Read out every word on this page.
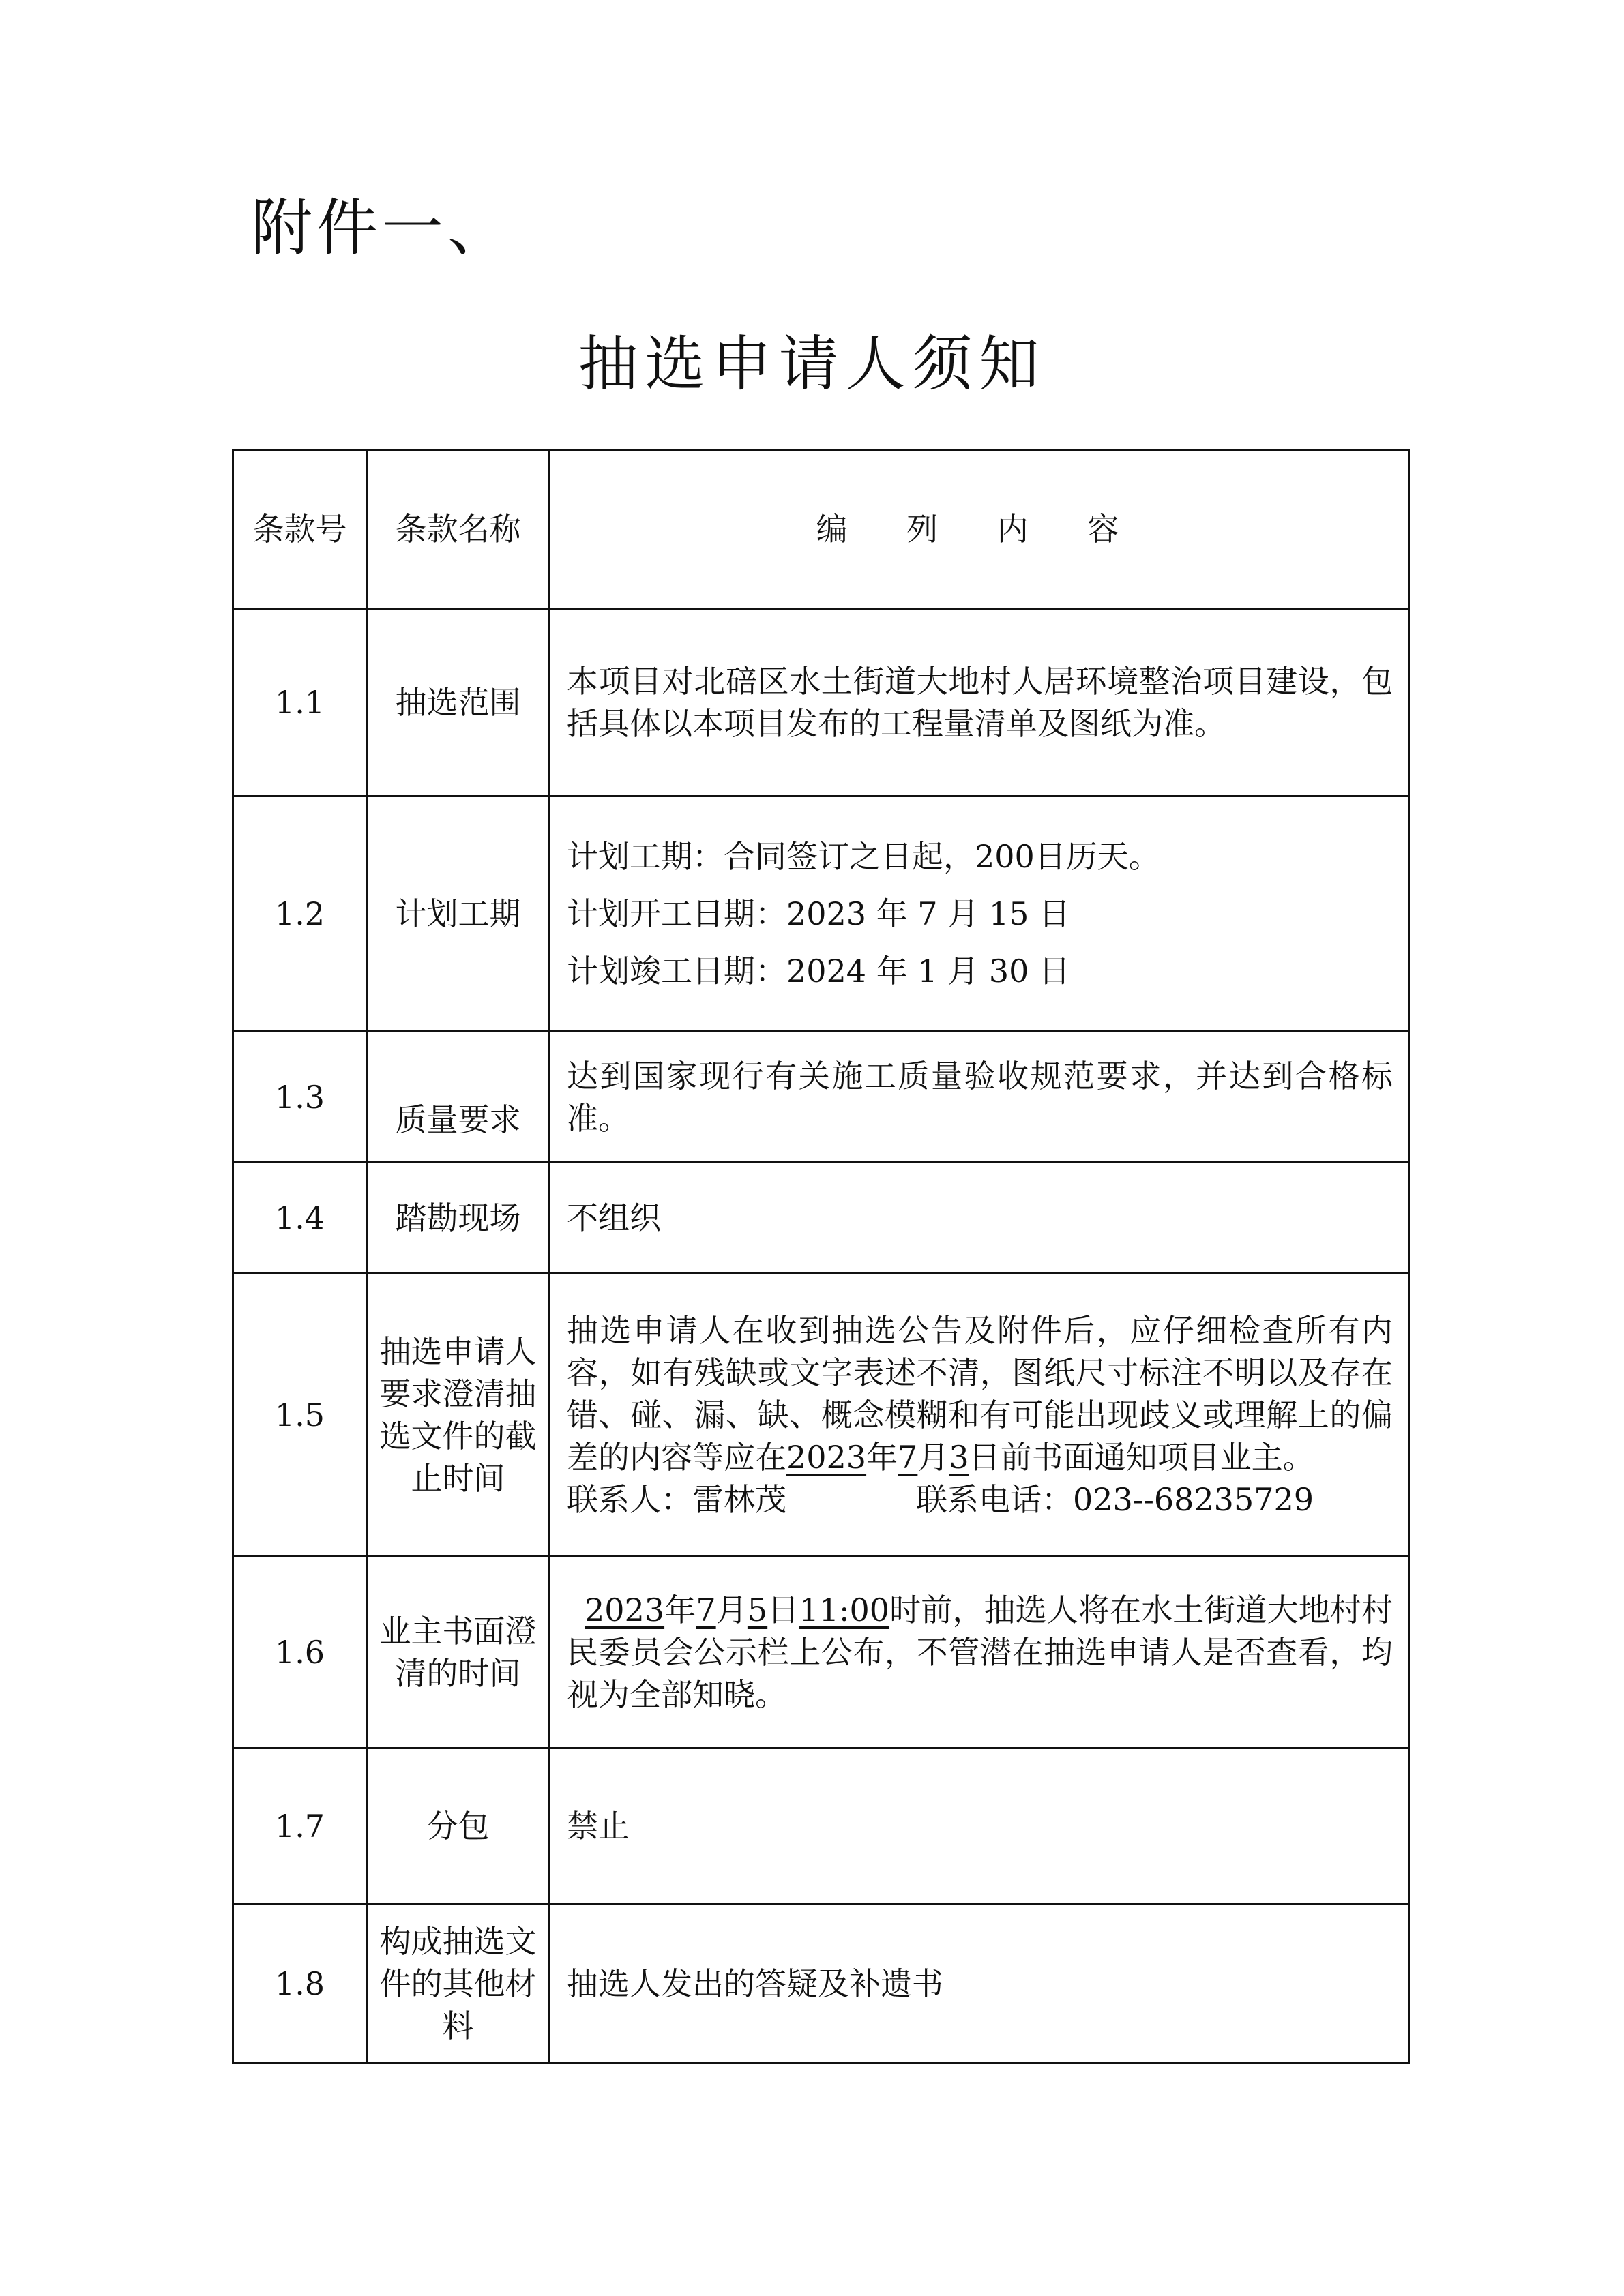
附件一、
抽选申请人须知
条款号	条款名称	编 列 内 容
1.1	抽选范围	本项目对北碚区水土街道大地村人居环境整治项目建设，包括具体以本项目发布的工程量清单及图纸为准。

1.2	计划工期	计划工期：合同签订之日起，200日历天。

计划开工日期：2023 年 7 月 15 日

计划竣工日期：2024 年 1 月 30 日

1.3	质量要求	达到国家现行有关施工质量验收规范要求，并达到合格标准。

1.4	踏勘现场	不组织

1.5	抽选申请人要求澄清抽选文件的截止时间	抽选申请人在收到抽选公告及附件后，应仔细检查所有内容，如有残缺或文字表述不清，图纸尺寸标注不明以及存在错、碰、漏、缺、概念模糊和有可能出现歧义或理解上的偏差的内容等应在2023年7月3日前书面通知项目业主。

联系人：雷林茂 联系电话：023--68235729

1.6	业主书面澄清的时间	2023年7月5日11:00时前，抽选人将在水土街道大地村村民委员会公示栏上公布，不管潜在抽选申请人是否查看，均视为全部知晓。

1.7	分包	禁止

1.8	构成抽选文件的其他材料	抽选人发出的答疑及补遗书
